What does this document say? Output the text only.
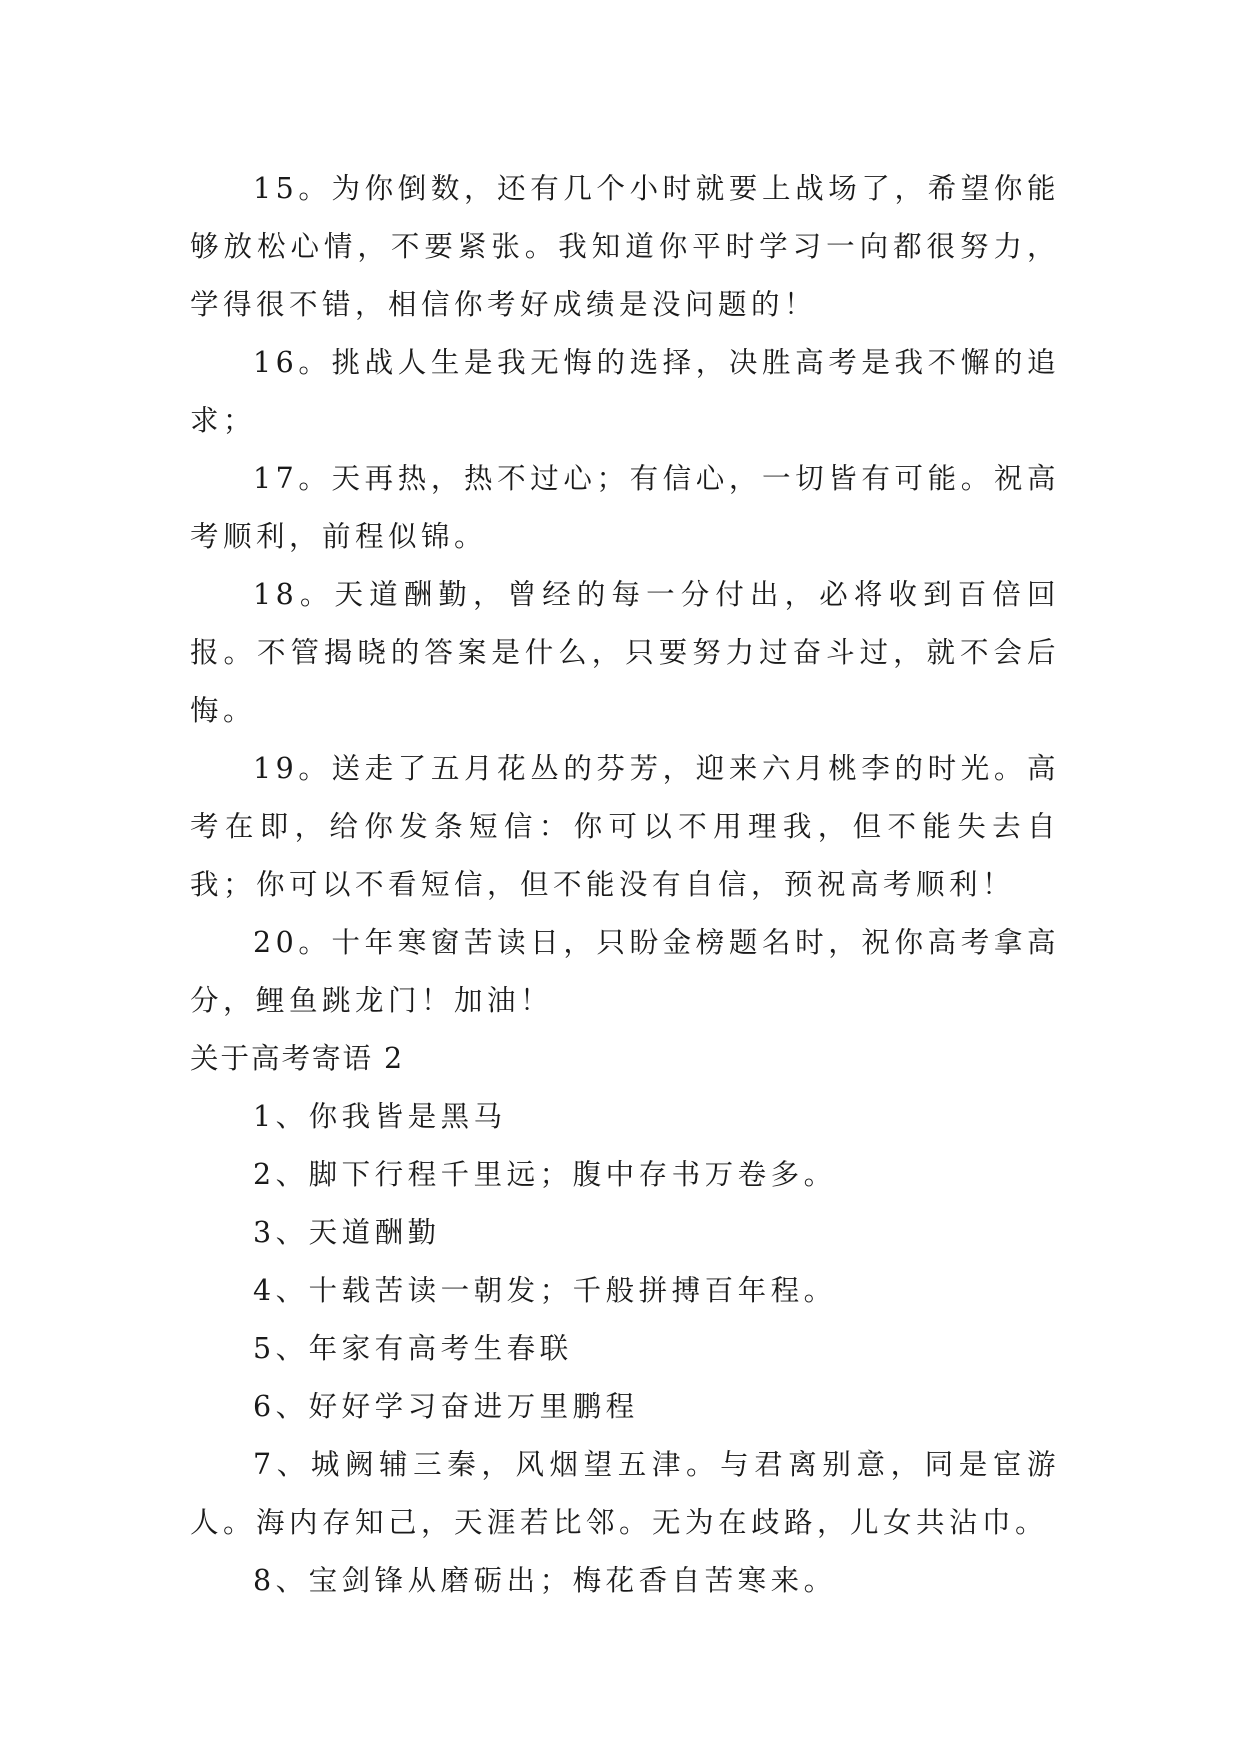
15。为你倒数，还有几个小时就要上战场了，希望你能够放松心情，不要紧张。我知道你平时学习一向都很努力，学得很不错，相信你考好成绩是没问题的！

16。挑战人生是我无悔的选择，决胜高考是我不懈的追求；

17。天再热，热不过心；有信心，一切皆有可能。祝高考顺利，前程似锦。

18。天道酬勤，曾经的每一分付出，必将收到百倍回报。不管揭晓的答案是什么，只要努力过奋斗过，就不会后悔。

19。送走了五月花丛的芬芳，迎来六月桃李的时光。高考在即，给你发条短信：你可以不用理我，但不能失去自我；你可以不看短信，但不能没有自信，预祝高考顺利！

20。十年寒窗苦读日，只盼金榜题名时，祝你高考拿高分，鲤鱼跳龙门！加油！

关于高考寄语 2

1、你我皆是黑马

2、脚下行程千里远；腹中存书万卷多。

3、天道酬勤

4、十载苦读一朝发；千般拼搏百年程。

5、年家有高考生春联

6、好好学习奋进万里鹏程

7、城阙辅三秦，风烟望五津。与君离别意，同是宦游人。海内存知己，天涯若比邻。无为在歧路，儿女共沾巾。

8、宝剑锋从磨砺出；梅花香自苦寒来。
